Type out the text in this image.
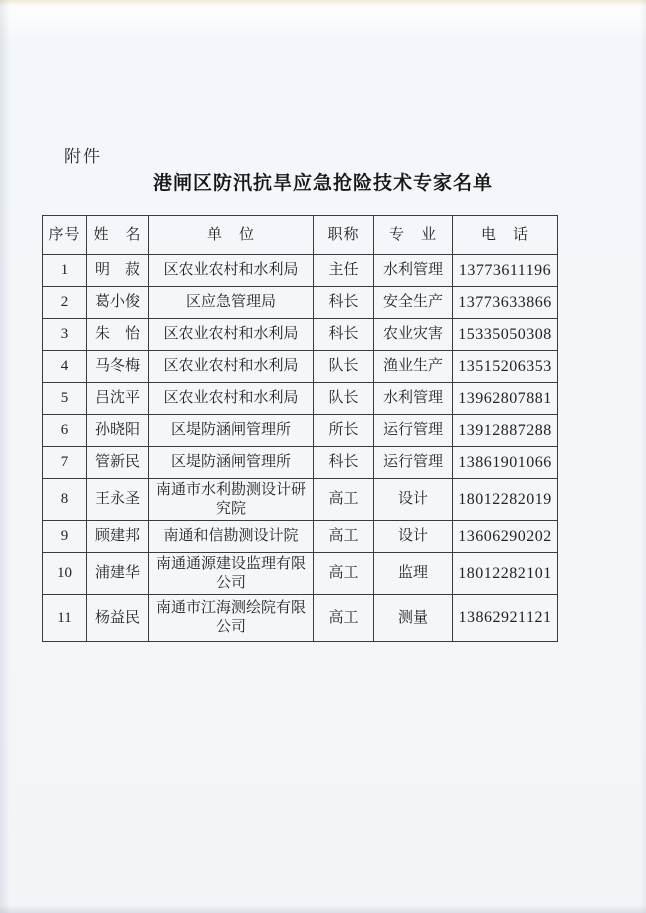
附件
港闸区防汛抗旱应急抢险技术专家名单
序号	姓　名	单　位	职称	专　业	电　话
1	明　菽	区农业农村和水利局	主任	水利管理	13773611196
2	葛小俊	区应急管理局	科长	安全生产	13773633866
3	朱　怡	区农业农村和水利局	科长	农业灾害	15335050308
4	马冬梅	区农业农村和水利局	队长	渔业生产	13515206353
5	吕沈平	区农业农村和水利局	队长	水利管理	13962807881
6	孙晓阳	区堤防涵闸管理所	所长	运行管理	13912887288
7	管新民	区堤防涵闸管理所	科长	运行管理	13861901066
8	王永圣	南通市水利勘测设计研究院	高工	设计	18012282019
9	顾建邦	南通和信勘测设计院	高工	设计	13606290202
10	浦建华	南通通源建设监理有限公司	高工	监理	18012282101
11	杨益民	南通市江海测绘院有限公司	高工	测量	13862921121
